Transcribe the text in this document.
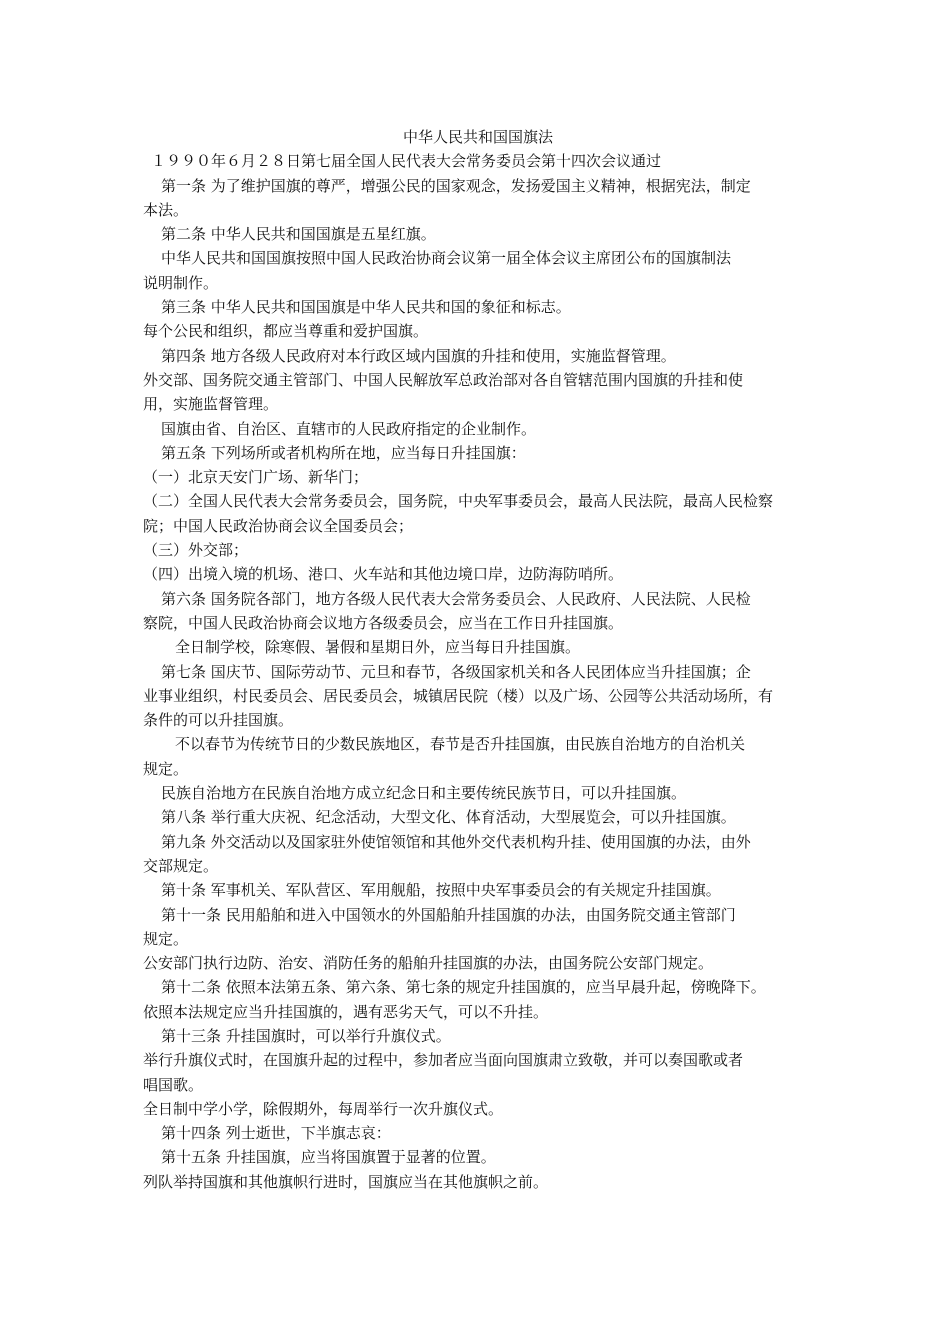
中华人民共和国国旗法
１９９０年６月２８日第七届全国人民代表大会常务委员会第十四次会议通过
第一条 为了维护国旗的尊严，增强公民的国家观念，发扬爱国主义精神，根据宪法，制定
本法。
第二条 中华人民共和国国旗是五星红旗。
中华人民共和国国旗按照中国人民政治协商会议第一届全体会议主席团公布的国旗制法
说明制作。
第三条 中华人民共和国国旗是中华人民共和国的象征和标志。
每个公民和组织，都应当尊重和爱护国旗。
第四条 地方各级人民政府对本行政区域内国旗的升挂和使用，实施监督管理。
外交部、国务院交通主管部门、中国人民解放军总政治部对各自管辖范围内国旗的升挂和使
用，实施监督管理。
国旗由省、自治区、直辖市的人民政府指定的企业制作。
第五条 下列场所或者机构所在地，应当每日升挂国旗：
（一）北京天安门广场、新华门；
（二）全国人民代表大会常务委员会，国务院，中央军事委员会，最高人民法院，最高人民检察
院；中国人民政治协商会议全国委员会；
（三）外交部；
（四）出境入境的机场、港口、火车站和其他边境口岸，边防海防哨所。
第六条 国务院各部门，地方各级人民代表大会常务委员会、人民政府、人民法院、人民检
察院，中国人民政治协商会议地方各级委员会，应当在工作日升挂国旗。
全日制学校，除寒假、暑假和星期日外，应当每日升挂国旗。
第七条 国庆节、国际劳动节、元旦和春节，各级国家机关和各人民团体应当升挂国旗；企
业事业组织，村民委员会、居民委员会，城镇居民院（楼）以及广场、公园等公共活动场所，有
条件的可以升挂国旗。
不以春节为传统节日的少数民族地区，春节是否升挂国旗，由民族自治地方的自治机关
规定。
民族自治地方在民族自治地方成立纪念日和主要传统民族节日，可以升挂国旗。
第八条 举行重大庆祝、纪念活动，大型文化、体育活动，大型展览会，可以升挂国旗。
第九条 外交活动以及国家驻外使馆领馆和其他外交代表机构升挂、使用国旗的办法，由外
交部规定。
第十条 军事机关、军队营区、军用舰船，按照中央军事委员会的有关规定升挂国旗。
第十一条 民用船舶和进入中国领水的外国船舶升挂国旗的办法，由国务院交通主管部门
规定。
公安部门执行边防、治安、消防任务的船舶升挂国旗的办法，由国务院公安部门规定。
第十二条 依照本法第五条、第六条、第七条的规定升挂国旗的，应当早晨升起，傍晚降下。
依照本法规定应当升挂国旗的，遇有恶劣天气，可以不升挂。
第十三条 升挂国旗时，可以举行升旗仪式。
举行升旗仪式时，在国旗升起的过程中，参加者应当面向国旗肃立致敬，并可以奏国歌或者
唱国歌。
全日制中学小学，除假期外，每周举行一次升旗仪式。
第十四条 列士逝世，下半旗志哀：
第十五条 升挂国旗，应当将国旗置于显著的位置。
列队举持国旗和其他旗帜行进时，国旗应当在其他旗帜之前。
